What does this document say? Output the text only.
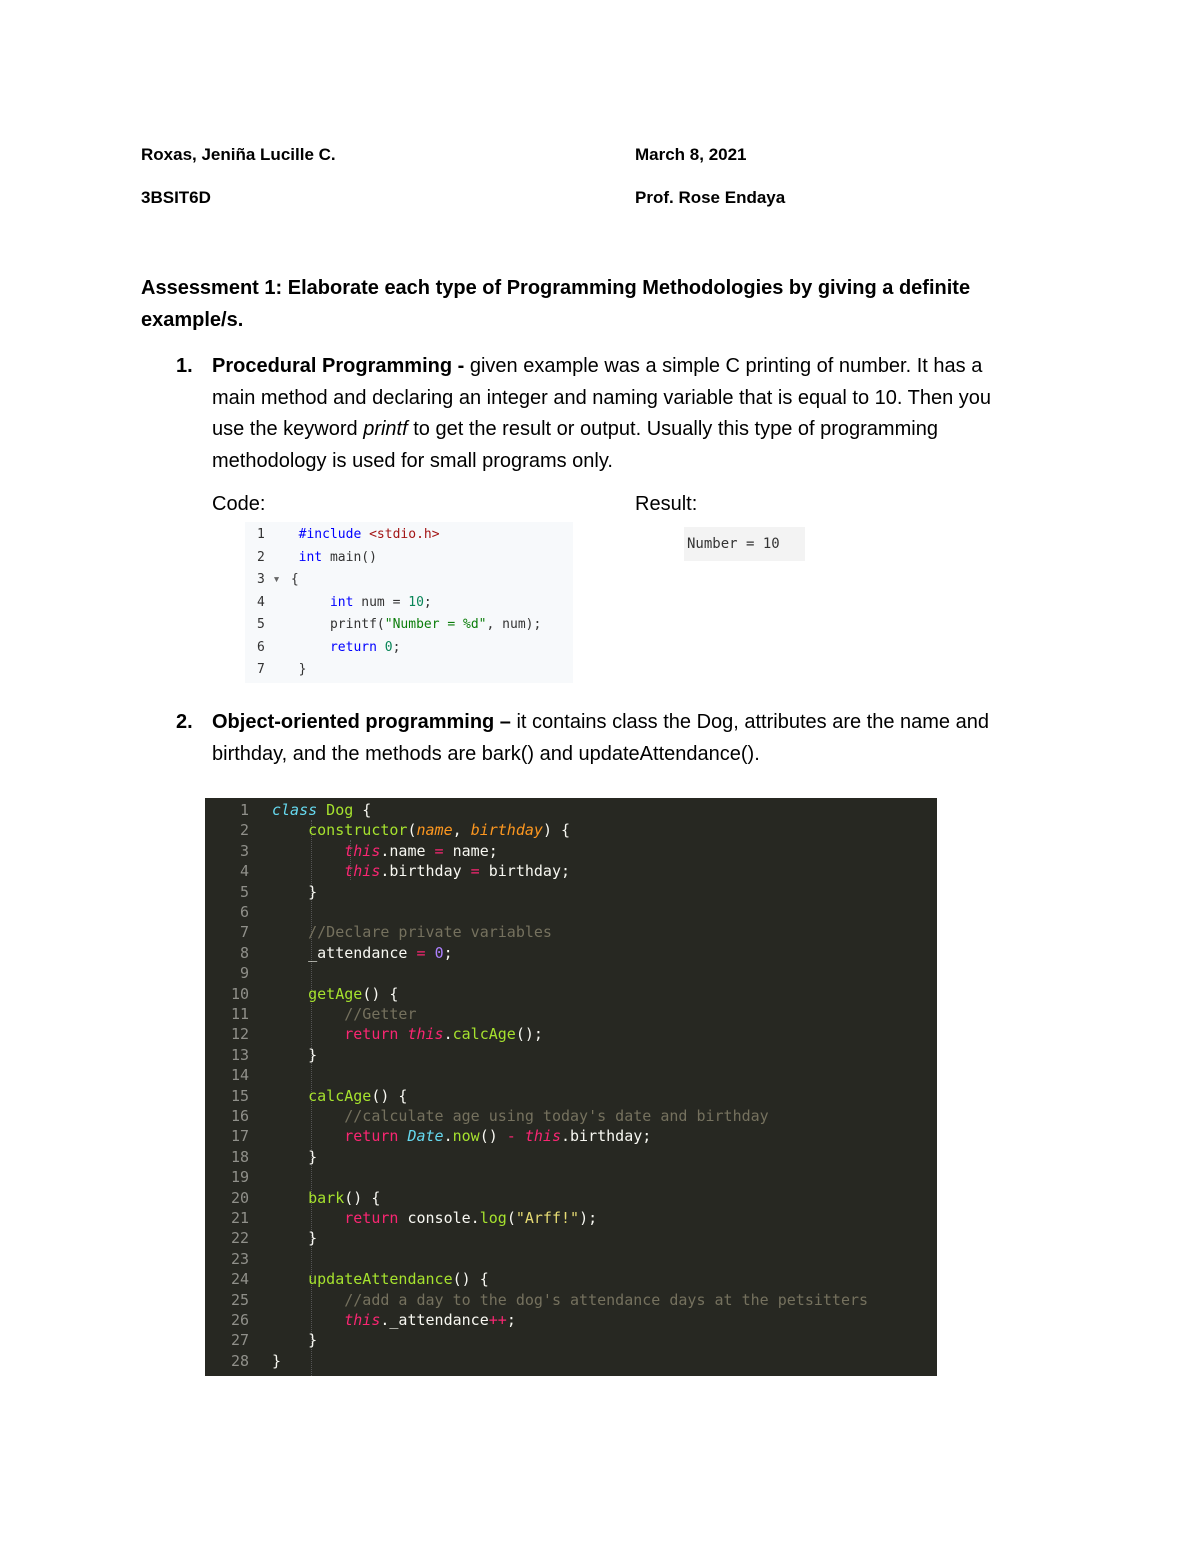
Roxas, Jeniña Lucille C.	March 8, 2021
3BSIT6D	Prof. Rose Endaya
Assessment 1: Elaborate each type of Programming Methodologies by giving a definite
example/s.
1. Procedural Programming - given example was a simple C printing of number. It has a
main method and declaring an integer and naming variable that is equal to 10. Then you
use the keyword printf to get the result or output. Usually this type of programming
methodology is used for small programs only.
Code:	Result:
1	#include <stdio.h>
2	int main()
3 ▾ {
4	int num = 10;
5	printf("Number = %d", num);
6	return 0;
7	}
Number = 10
2. Object-oriented programming – it contains class the Dog, attributes are the name and
birthday, and the methods are bark() and updateAttendance().
1 class Dog {
2	constructor(name, birthday) {
3	this.name = name;
4	this.birthday = birthday;
5	}
6
7	//Declare private variables
8	_attendance = 0;
9
10	getAge() {
11	//Getter
12	return this.calcAge();
13	}
14
15	calcAge() {
16	//calculate age using today's date and birthday
17	return Date.now() - this.birthday;
18	}
19
20	bark() {
21	return console.log("Arff!");
22	}
23
24	updateAttendance() {
25	//add a day to the dog's attendance days at the petsitters
26	this._attendance++;
27	}
28 }
